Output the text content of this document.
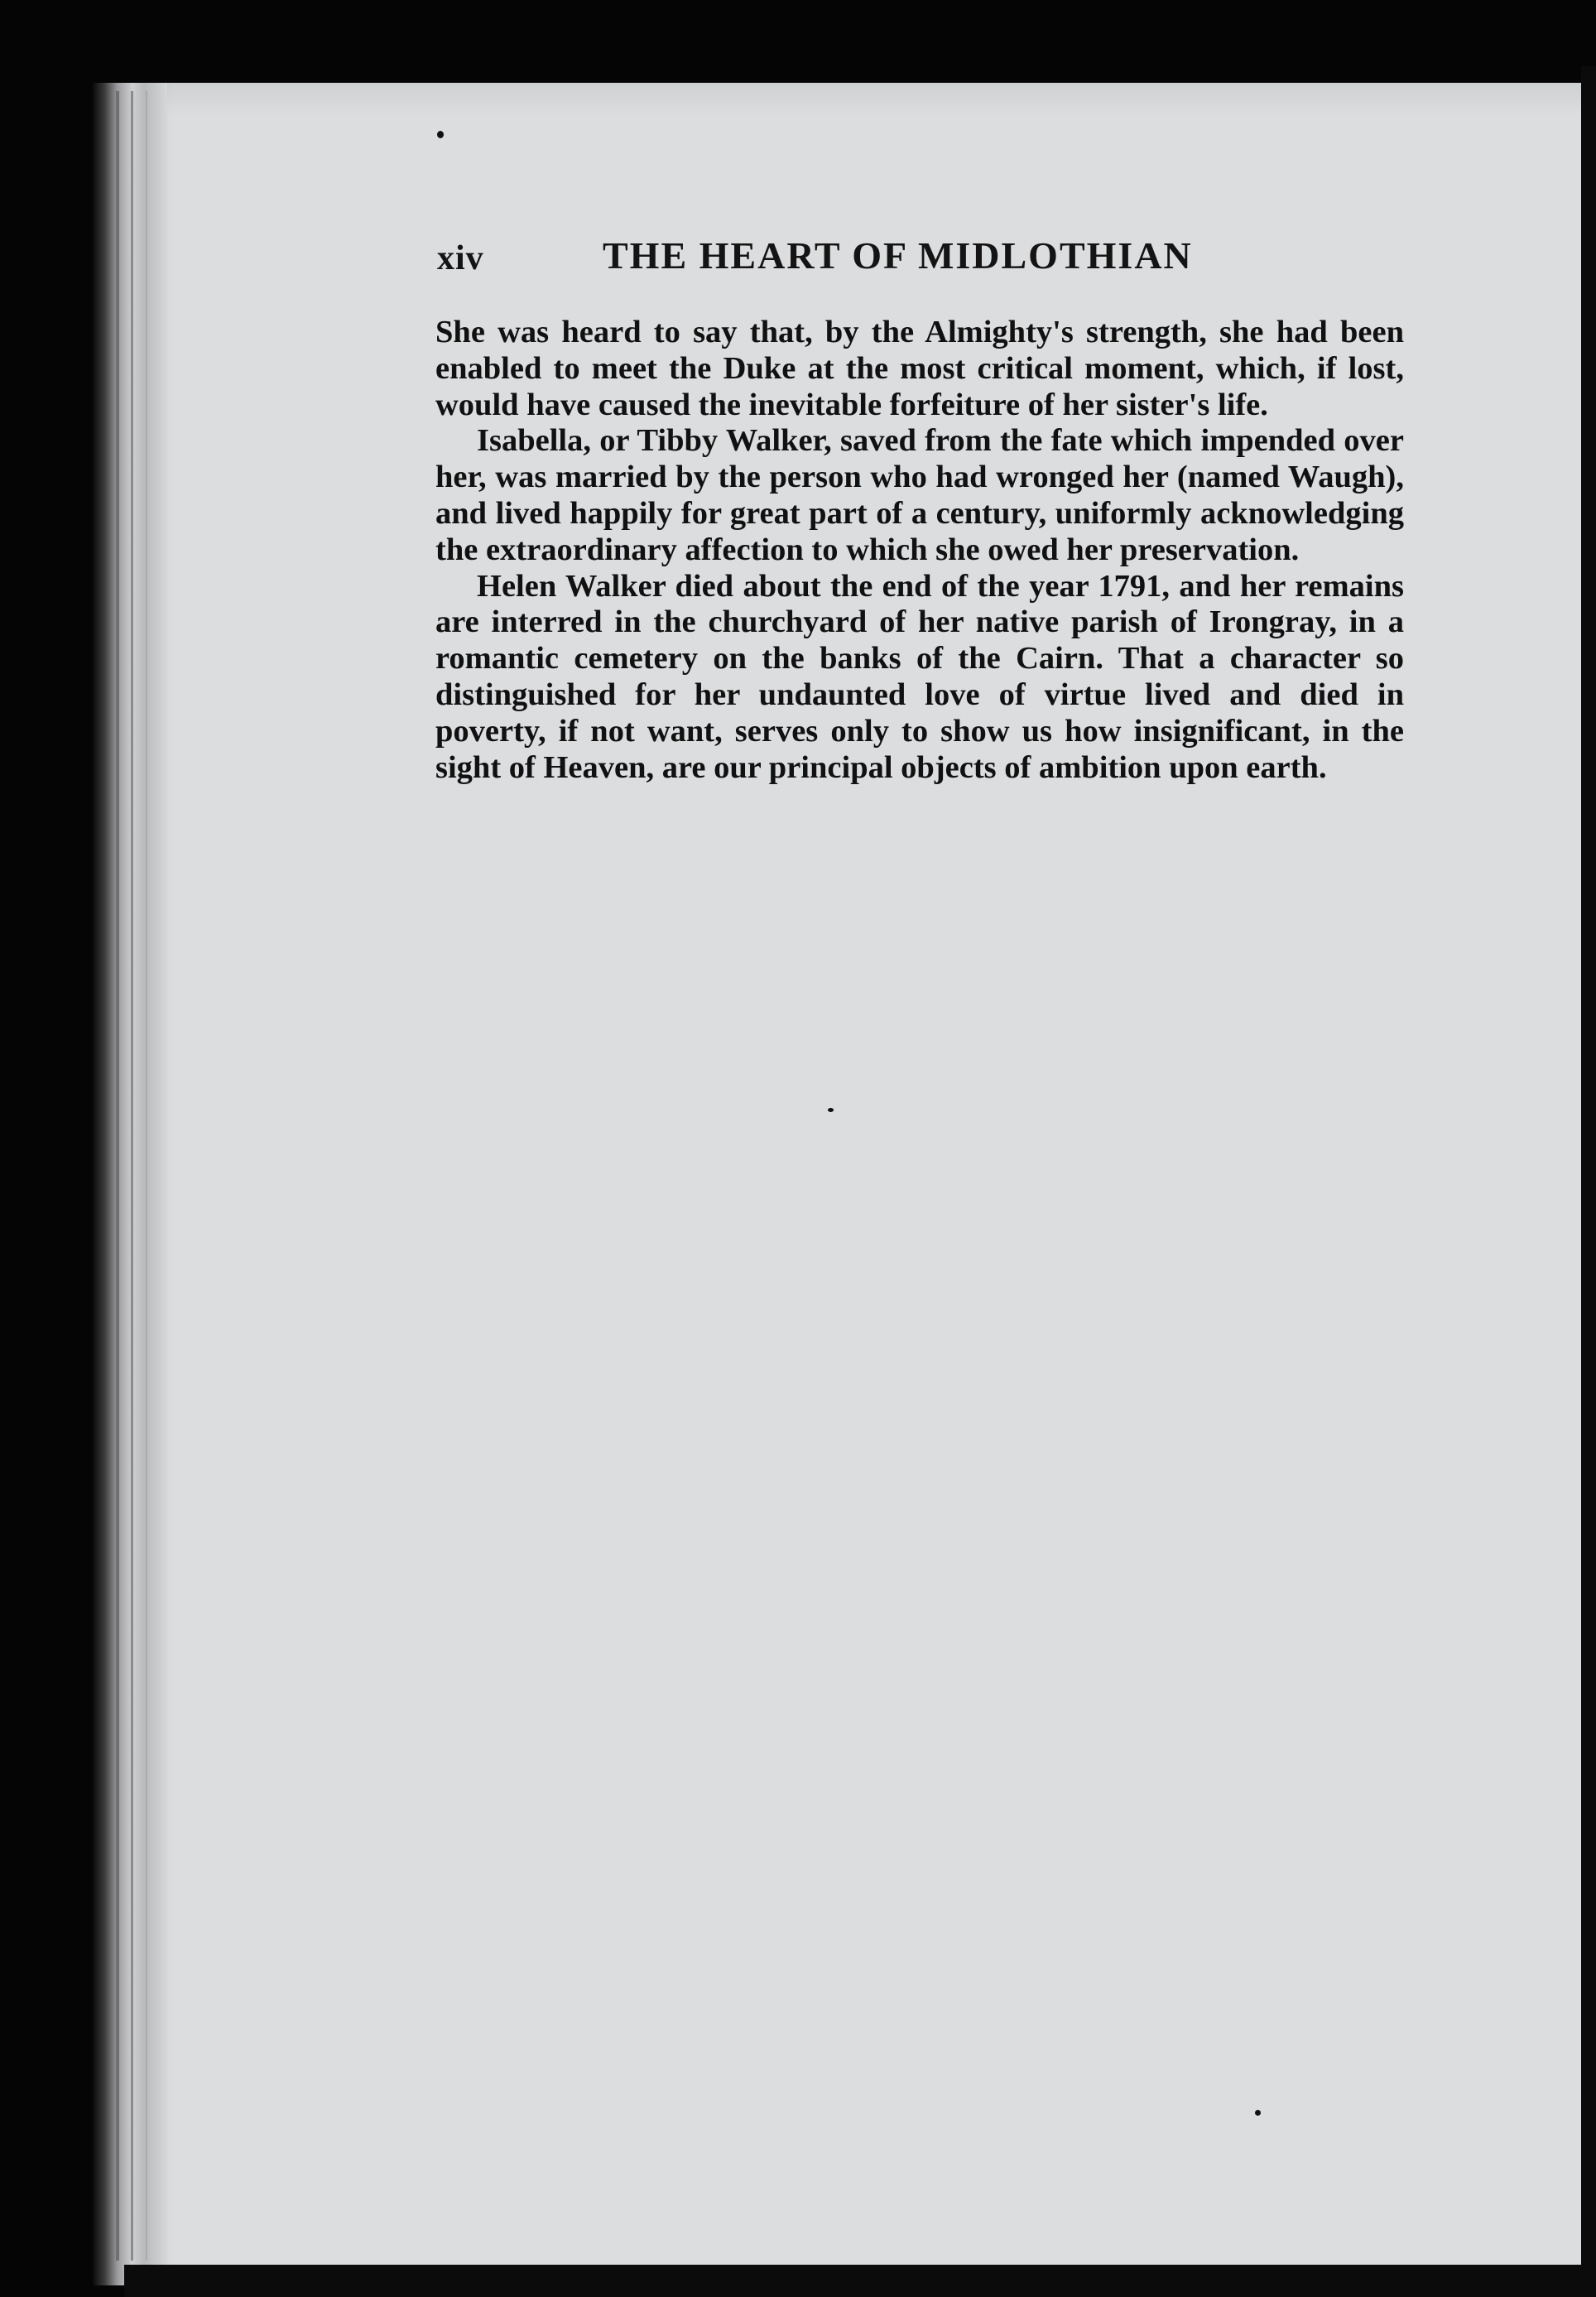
xiv	THE HEART OF MIDLOTHIAN

She was heard to say that, by the Almighty's strength, she had been enabled to meet the Duke at the most critical moment, which, if lost, would have caused the inevitable forfeiture of her sister's life.

Isabella, or Tibby Walker, saved from the fate which impended over her, was married by the person who had wronged her (named Waugh), and lived happily for great part of a century, uniformly acknowledging the extraordinary affection to which she owed her preservation.

Helen Walker died about the end of the year 1791, and her remains are interred in the churchyard of her native parish of Irongray, in a romantic cemetery on the banks of the Cairn. That a character so distinguished for her undaunted love of virtue lived and died in poverty, if not want, serves only to show us how insignificant, in the sight of Heaven, are our principal objects of ambition upon earth.
